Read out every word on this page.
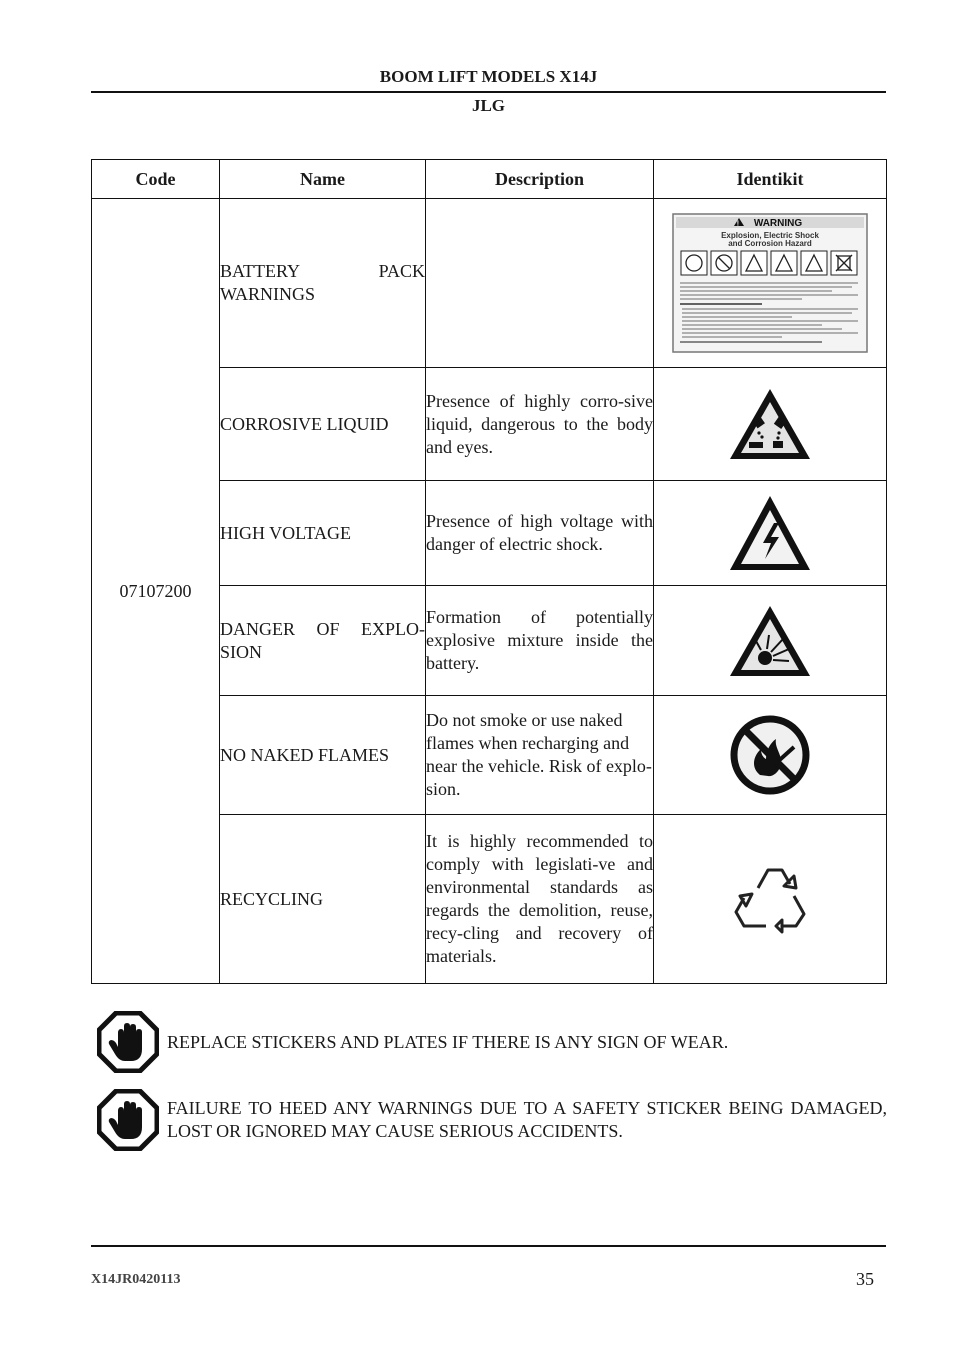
BOOM LIFT MODELS X14J
JLG
Code	Name	Description	Identikit
07107200	BATTERY PACK WARNINGS		! WARNING
Explosion, Electric Shock
and Corrosion Hazard

	CORROSIVE LIQUID	Presence of highly corro-sive liquid, dangerous to the body and eyes.	
	HIGH VOLTAGE	Presence of high voltage with danger of electric shock.	
	DANGER OF EXPLO-SION	Formation of potentially explosive mixture inside the battery.	
	NO NAKED FLAMES	Do not smoke or use naked flames when recharging and near the vehicle. Risk of explo-sion.	
	RECYCLING	It is highly recommended to comply with legislati-ve and environmental standards as regards the demolition, reuse, recy-cling and recovery of materials.	
REPLACE STICKERS AND PLATES IF THERE IS ANY SIGN OF WEAR.
FAILURE TO HEED ANY WARNINGS DUE TO A SAFETY STICKER BEING DAMAGED, LOST OR IGNORED MAY CAUSE SERIOUS ACCIDENTS.
X14JR0420113	35
